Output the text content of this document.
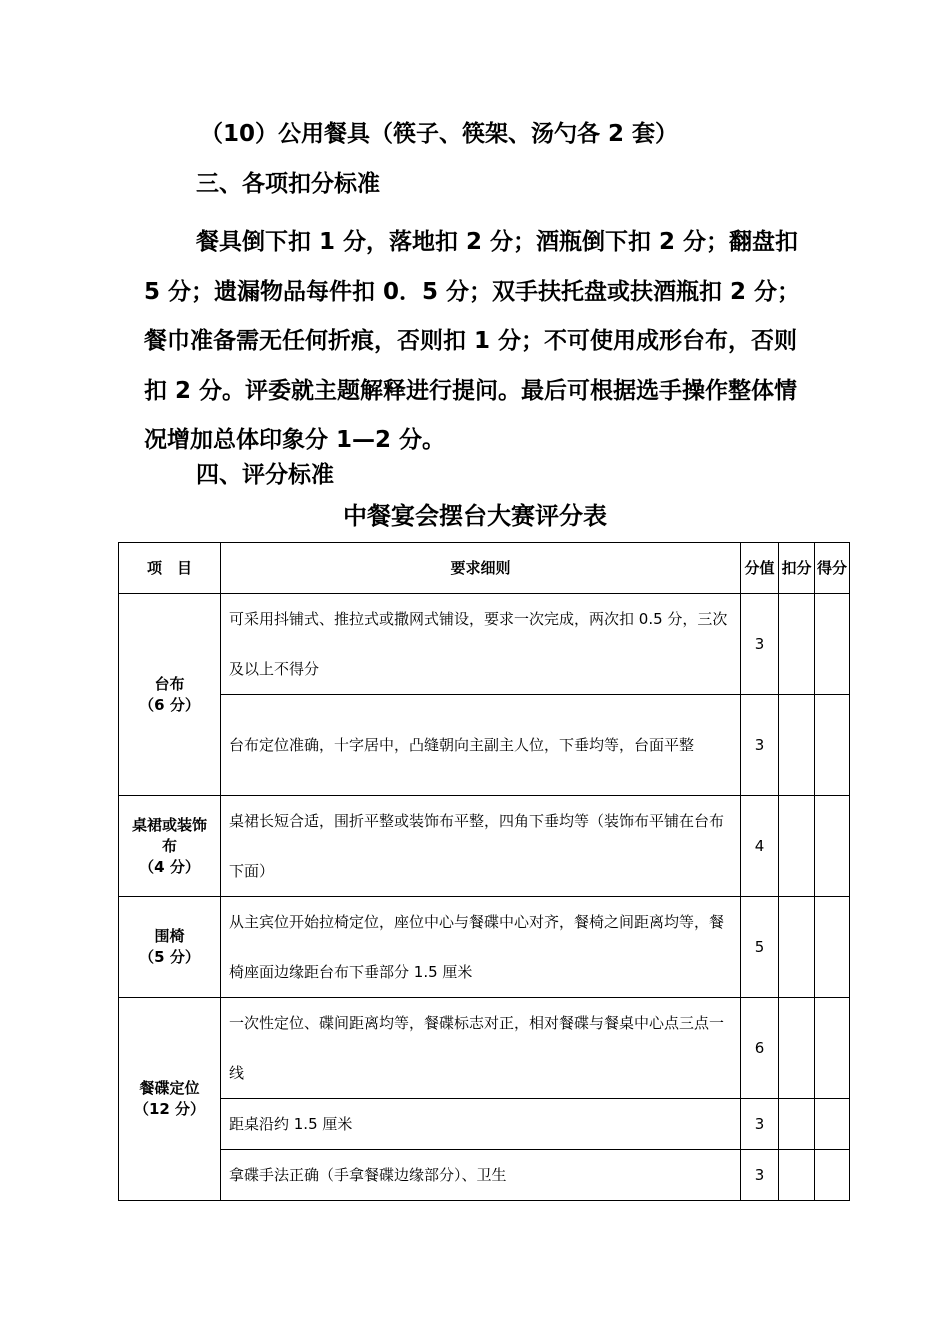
（10）公用餐具（筷子、筷架、汤勺各 2 套）
三、各项扣分标准
餐具倒下扣 1 分，落地扣 2 分；酒瓶倒下扣 2 分；翻盘扣 5 分；遗漏物品每件扣 0．5 分；双手扶托盘或扶酒瓶扣 2 分；餐巾准备需无任何折痕，否则扣 1 分；不可使用成形台布，否则扣 2 分。评委就主题解释进行提问。最后可根据选手操作整体情况增加总体印象分 1—2 分。
四、评分标准
中餐宴会摆台大赛评分表
项　目	要求细则	分值	扣分	得分

台布
（6 分）	可采用抖铺式、推拉式或撒网式铺设，要求一次完成，两次扣 0.5 分，三次及以上不得分	3		
	台布定位准确，十字居中，凸缝朝向主副主人位，下垂均等，台面平整	3		

桌裙或装饰布
（4 分）	桌裙长短合适，围折平整或装饰布平整，四角下垂均等（装饰布平铺在台布下面）	4		

围椅
（5 分）	从主宾位开始拉椅定位，座位中心与餐碟中心对齐，餐椅之间距离均等，餐椅座面边缘距台布下垂部分 1.5 厘米	5		

餐碟定位
（12 分）	一次性定位、碟间距离均等，餐碟标志对正，相对餐碟与餐桌中心点三点一线	6		
	距桌沿约 1.5 厘米	3		
	拿碟手法正确（手拿餐碟边缘部分）、卫生	3		
